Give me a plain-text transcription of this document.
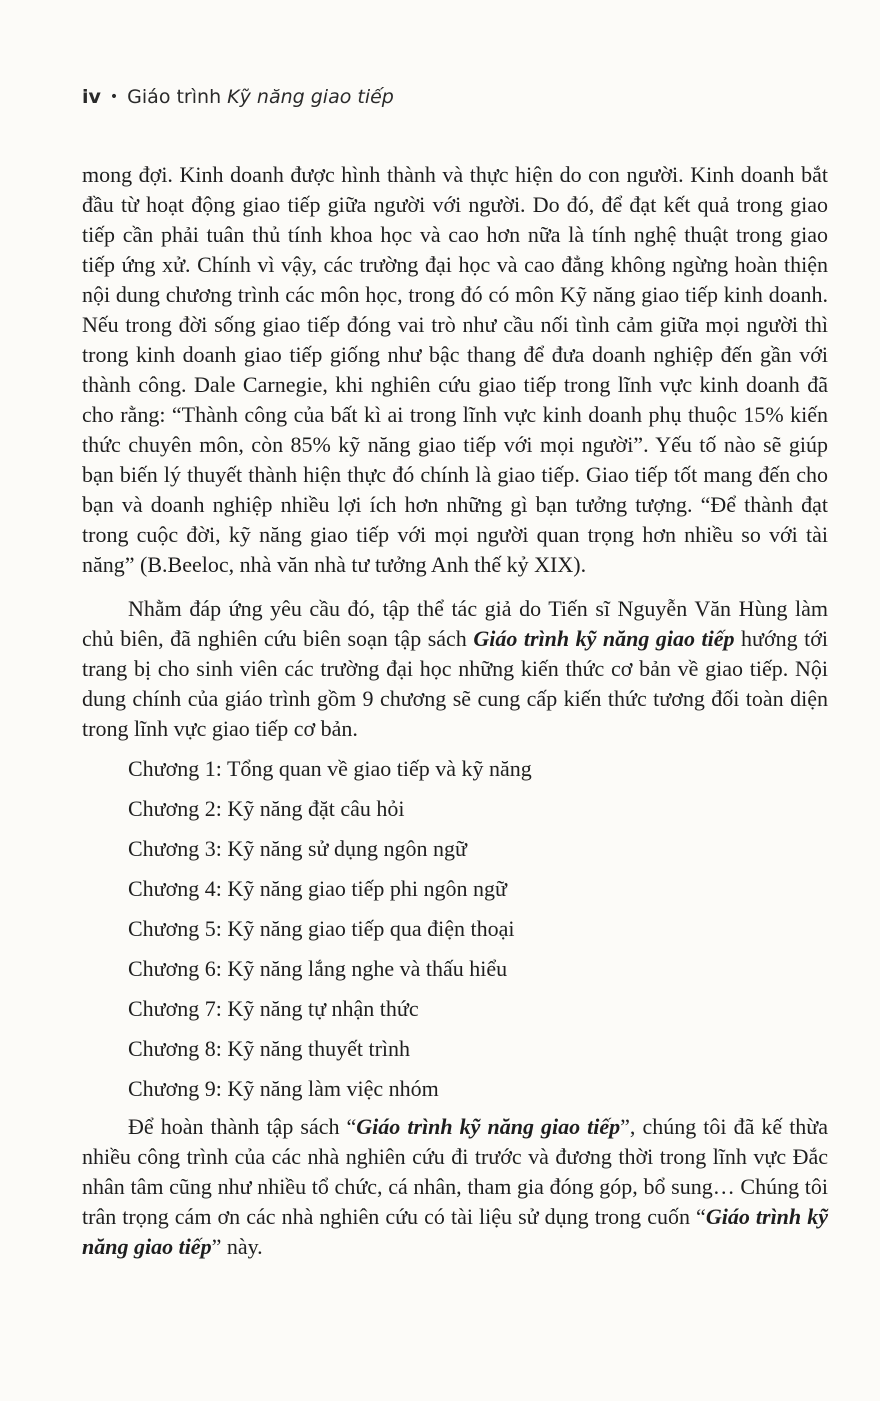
iv • Giáo trình Kỹ năng giao tiếp

mong đợi. Kinh doanh được hình thành và thực hiện do con người. Kinh doanh bắt đầu từ hoạt động giao tiếp giữa người với người. Do đó, để đạt kết quả trong giao tiếp cần phải tuân thủ tính khoa học và cao hơn nữa là tính nghệ thuật trong giao tiếp ứng xử. Chính vì vậy, các trường đại học và cao đẳng không ngừng hoàn thiện nội dung chương trình các môn học, trong đó có môn Kỹ năng giao tiếp kinh doanh. Nếu trong đời sống giao tiếp đóng vai trò như cầu nối tình cảm giữa mọi người thì trong kinh doanh giao tiếp giống như bậc thang để đưa doanh nghiệp đến gần với thành công. Dale Carnegie, khi nghiên cứu giao tiếp trong lĩnh vực kinh doanh đã cho rằng: “Thành công của bất kì ai trong lĩnh vực kinh doanh phụ thuộc 15% kiến thức chuyên môn, còn 85% kỹ năng giao tiếp với mọi người”. Yếu tố nào sẽ giúp bạn biến lý thuyết thành hiện thực đó chính là giao tiếp. Giao tiếp tốt mang đến cho bạn và doanh nghiệp nhiều lợi ích hơn những gì bạn tưởng tượng. “Để thành đạt trong cuộc đời, kỹ năng giao tiếp với mọi người quan trọng hơn nhiều so với tài năng” (B.Beeloc, nhà văn nhà tư tưởng Anh thế kỷ XIX).

Nhằm đáp ứng yêu cầu đó, tập thể tác giả do Tiến sĩ Nguyễn Văn Hùng làm chủ biên, đã nghiên cứu biên soạn tập sách Giáo trình kỹ năng giao tiếp hướng tới trang bị cho sinh viên các trường đại học những kiến thức cơ bản về giao tiếp. Nội dung chính của giáo trình gồm 9 chương sẽ cung cấp kiến thức tương đối toàn diện trong lĩnh vực giao tiếp cơ bản.

Chương 1: Tổng quan về giao tiếp và kỹ năng
Chương 2: Kỹ năng đặt câu hỏi
Chương 3: Kỹ năng sử dụng ngôn ngữ
Chương 4: Kỹ năng giao tiếp phi ngôn ngữ
Chương 5: Kỹ năng giao tiếp qua điện thoại
Chương 6: Kỹ năng lắng nghe và thấu hiểu
Chương 7: Kỹ năng tự nhận thức
Chương 8: Kỹ năng thuyết trình
Chương 9: Kỹ năng làm việc nhóm

Để hoàn thành tập sách “Giáo trình kỹ năng giao tiếp”, chúng tôi đã kế thừa nhiều công trình của các nhà nghiên cứu đi trước và đương thời trong lĩnh vực Đắc nhân tâm cũng như nhiều tổ chức, cá nhân, tham gia đóng góp, bổ sung… Chúng tôi trân trọng cám ơn các nhà nghiên cứu có tài liệu sử dụng trong cuốn “Giáo trình kỹ năng giao tiếp” này.
